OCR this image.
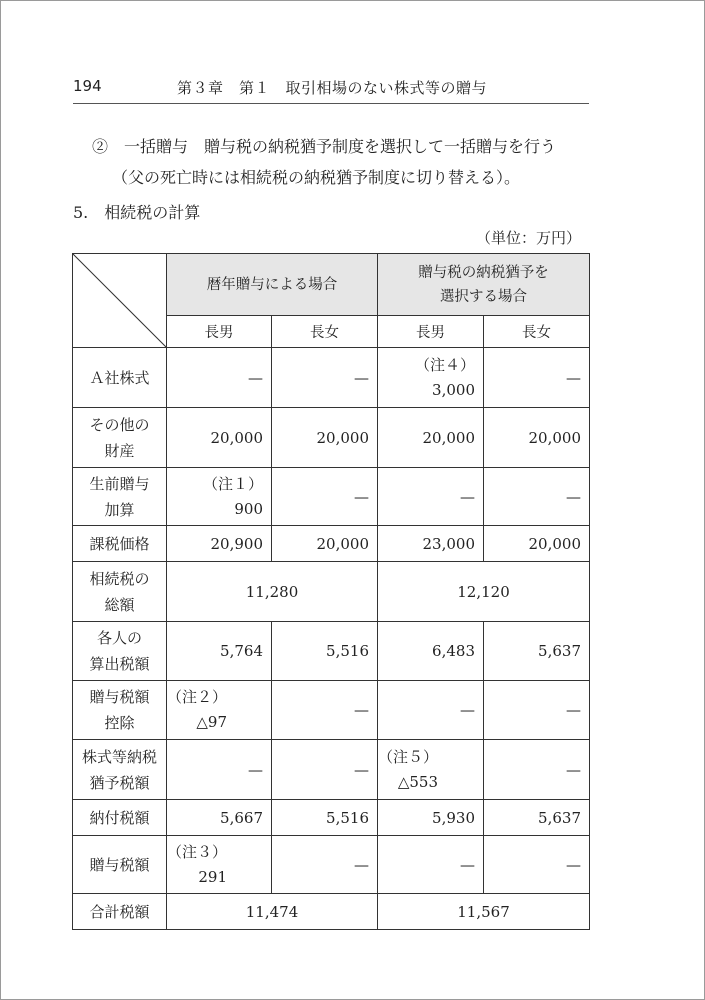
194	第３章　第１　取引相場のない株式等の贈与
②　一括贈与　贈与税の納税猶予制度を選択して一括贈与を行う
（父の死亡時には相続税の納税猶予制度に切り替える）。
5.　相続税の計算
（単位：万円）
	暦年贈与による場合		贈与税の納税猶予を
選択する場合	

	長男	長女	長男	長女
Ａ社株式	—	—	（注４）
3,000	—
その他の
財産	20,000	20,000	20,000	20,000
生前贈与
加算	（注１）
900	—	—	—
課税価格	20,900	20,000	23,000	20,000
相続税の
総額	11,280		12,120	
各人の
算出税額	5,764	5,516	6,483	5,637
贈与税額
控除	（注２）
△97	—	—	—
株式等納税
猶予税額	—	—	（注５）
△553	—
納付税額	5,667	5,516	5,930	5,637
贈与税額	（注３）
291	—	—	—
合計税額	11,474		11,567	
